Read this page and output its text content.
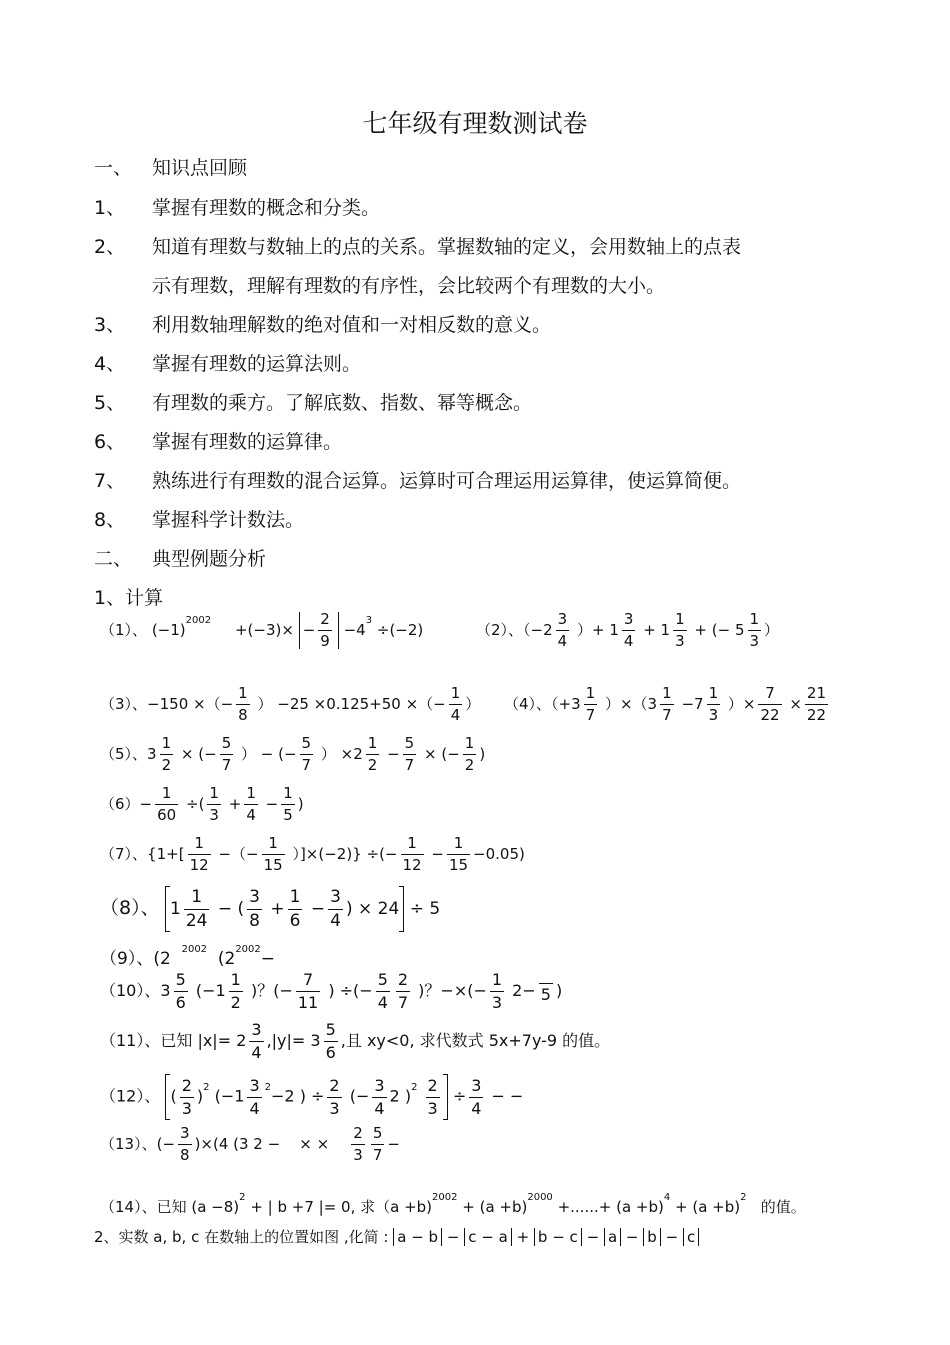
七年级有理数测试卷
一、 知识点回顾
1、 掌握有理数的概念和分类。
2、 知道有理数与数轴上的点的关系。掌握数轴的定义，会用数轴上的点表
示有理数，理解有理数的有序性，会比较两个有理数的大小。
3、 利用数轴理解数的绝对值和一对相反数的意义。
4、 掌握有理数的运算法则。
5、 有理数的乘方。了解底数、指数、幂等概念。
6、 掌握有理数的运算律。
7、 熟练进行有理数的混合运算。运算时可合理运用运算律，使运算简便。
8、 掌握科学计数法。
二、 典型例题分析
1、计算
（1）、 $(-1)^{2002}$     $+(-3)\times - \frac{2}{9} -4^3 \div(-2)$	（2）、（$-2 \frac{3}{4}$ ）+ $1 \frac{3}{4} + 1 \frac{1}{3}$ + (− $5 \frac{1}{3}$ ）
（3）、−150 ×（− $\frac{1}{8}$ ） −25 ×0.125+50 ×（− $\frac{1}{4}$ ） （4）、$(+3 \frac{1}{7} )\times(3 \frac{1}{7} -7 \frac{1}{3}$ ）× $\frac{7}{22} \times \frac{21}{22}$
（5）、$3 \frac{1}{2}$ × (− $\frac{5}{7}$ ） − (− $\frac{5}{7}$ ） $\times 2 \frac{1}{2} - \frac{5}{7}$ × (− $\frac{1}{2}$ )
$(6)- \frac{1}{60}$ ÷( $\frac{1}{3} + \frac{1}{4} - \frac{1}{5}$ )
（7）、{$1+[ \frac{1}{12}$ −（− $\frac{1}{15} )]\times(-2)$} ÷(− $\frac{1}{12} - \frac{1}{15} -0.05$)
（8）、 $1 \frac{1}{24}$ − ( $\frac{3}{8} + \frac{1}{6} - \frac{3}{4}$ ) × 24 ÷ 5
（9）、(2 $^{2002}$ ($2^{2002}-$
（10）、$3 \frac{5}{6} (-1 \frac{1}{2}$ )？(− $\frac{7}{11}$ ) ÷(− $\frac{5}{4} \frac{2}{7}$ )？−×(− $\frac{1}{3} 2- 5$ )
（11）、已知 $|x|= 2 \frac{3}{4} ,|y|= 3 \frac{5}{6}$ ,且 xy<0, 求代数式 5x+7y-9 的值。
（12）、 ( $\frac{2}{3} )^2$ ($-1 \frac{3}{4} ^2-2$ ) ÷ $\frac{2}{3}$ (− $\frac{3}{4} 2$ )$^2 \frac{2}{3} \div \frac{3}{4}$ − −
（13）、(− $\frac{3}{8} )\times(4$ (3 2 − × × $\frac{2}{3} \frac{5}{7}$ −
（14）、已知 $(a -8)^2$ + | b +7 |= 0, 求$(a +b)^{2002} + (a +b)^{2000}$ +......+ $(a +b)^4 + (a +b)^2$   的值。
2、实数 a, b, c 在数轴上的位置如图 ,化简 : a − b − c − a + b − c − a − b − c
